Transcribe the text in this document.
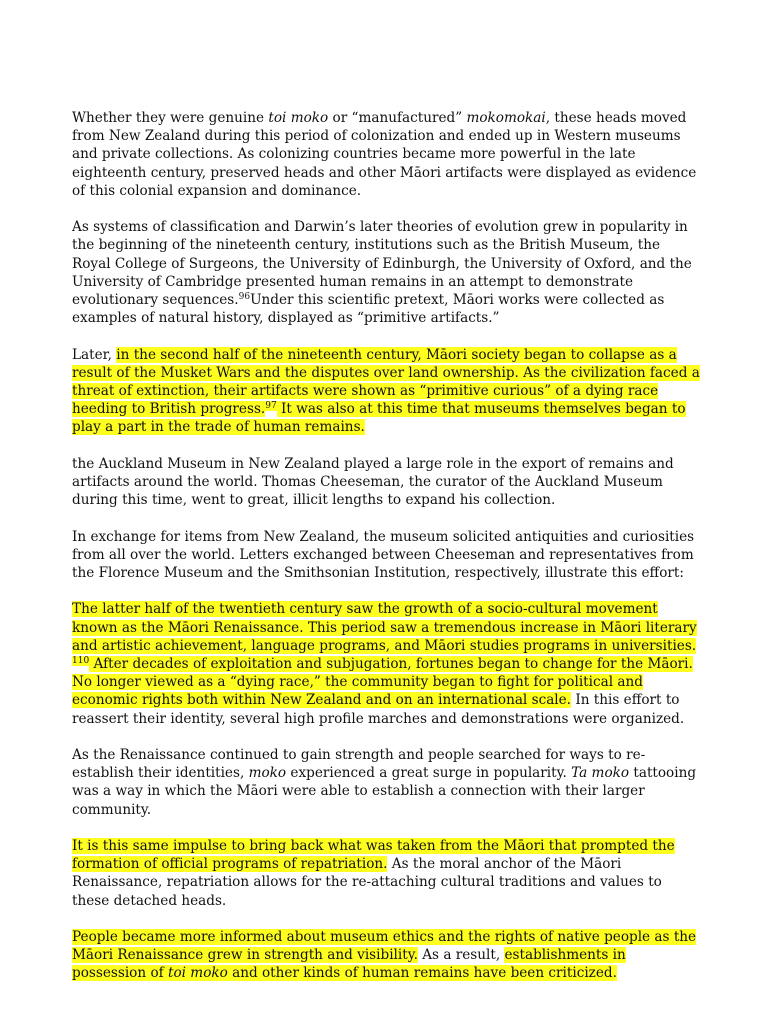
Whether they were genuine toi moko or “manufactured” mokomokai, these heads moved from New Zealand during this period of colonization and ended up in Western museums and private collections. As colonizing countries became more powerful in the late eighteenth century, preserved heads and other Māori artifacts were displayed as evidence of this colonial expansion and dominance.

As systems of classification and Darwin’s later theories of evolution grew in popularity in the beginning of the nineteenth century, institutions such as the British Museum, the Royal College of Surgeons, the University of Edinburgh, the University of Oxford, and the University of Cambridge presented human remains in an attempt to demonstrate evolutionary sequences.$^{96}$Under this scientific pretext, Māori works were collected as examples of natural history, displayed as “primitive artifacts.”

Later, in the second half of the nineteenth century, Māori society began to collapse as a result of the Musket Wars and the disputes over land ownership. As the civilization faced a threat of extinction, their artifacts were shown as “primitive curious” of a dying race heeding to British progress.$^{97}$ It was also at this time that museums themselves began to play a part in the trade of human remains.

the Auckland Museum in New Zealand played a large role in the export of remains and artifacts around the world. Thomas Cheeseman, the curator of the Auckland Museum during this time, went to great, illicit lengths to expand his collection.

In exchange for items from New Zealand, the museum solicited antiquities and curiosities from all over the world. Letters exchanged between Cheeseman and representatives from the Florence Museum and the Smithsonian Institution, respectively, illustrate this effort:

The latter half of the twentieth century saw the growth of a socio-cultural movement known as the Māori Renaissance. This period saw a tremendous increase in Māori literary and artistic achievement, language programs, and Māori studies programs in universities. $^{110}$ After decades of exploitation and subjugation, fortunes began to change for the Māori. No longer viewed as a “dying race,” the community began to fight for political and economic rights both within New Zealand and on an international scale. In this effort to reassert their identity, several high profile marches and demonstrations were organized.

As the Renaissance continued to gain strength and people searched for ways to re-establish their identities, moko experienced a great surge in popularity. Ta moko tattooing was a way in which the Māori were able to establish a connection with their larger community.

It is this same impulse to bring back what was taken from the Māori that prompted the formation of official programs of repatriation. As the moral anchor of the Māori Renaissance, repatriation allows for the re-attaching cultural traditions and values to these detached heads.

People became more informed about museum ethics and the rights of native people as the Māori Renaissance grew in strength and visibility. As a result, establishments in possession of toi moko and other kinds of human remains have been criticized.
